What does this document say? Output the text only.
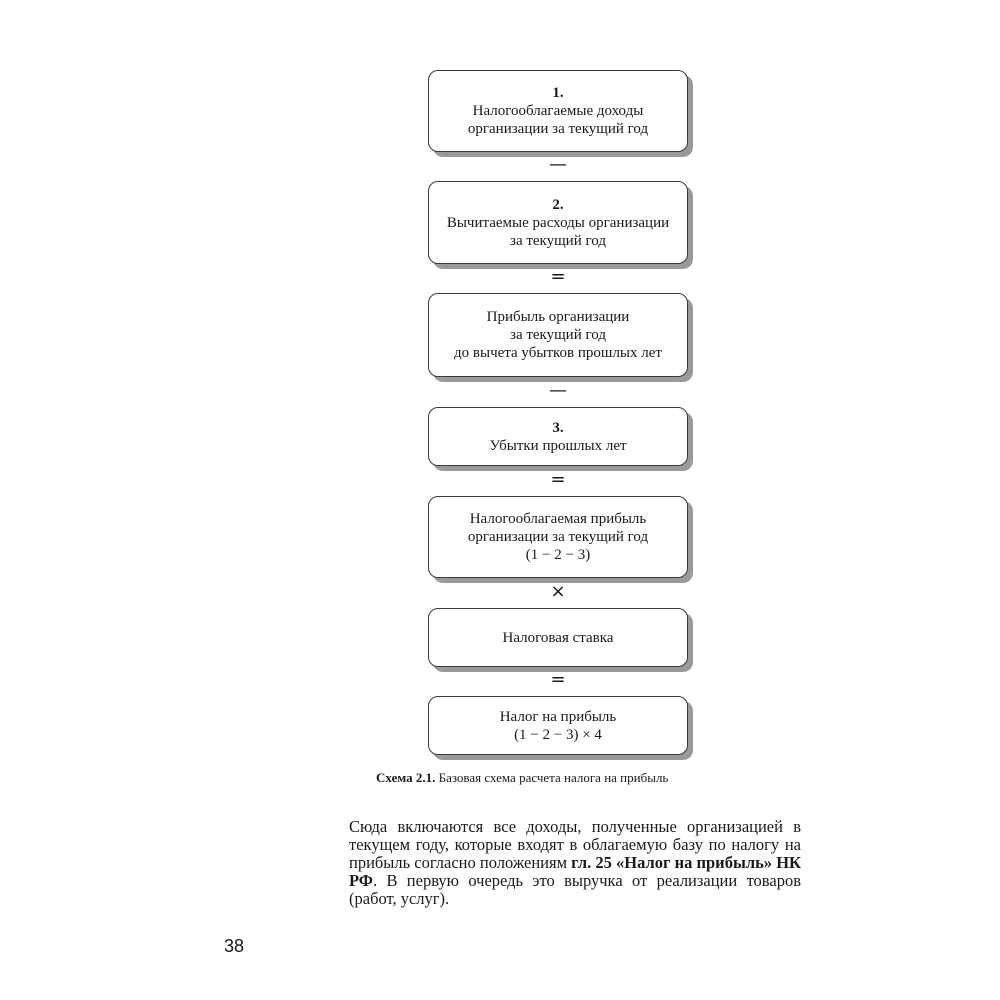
1.
Налогооблагаемые доходы
организации за текущий год
—
2.
Вычитаемые расходы организации
за текущий год
=
Прибыль организации
за текущий год
до вычета убытков прошлых лет
—
3.
Убытки прошлых лет
=
Налогооблагаемая прибыль
организации за текущий год
(1 − 2 − 3)
×
Налоговая ставка
=
Налог на прибыль
(1 − 2 − 3) × 4
Схема 2.1. Базовая схема расчета налога на прибыль
Сюда включаются все доходы, полученные организацией в текущем году, которые входят в облагаемую базу по налогу на прибыль согласно положениям гл. 25 «Налог на прибыль» НК РФ. В первую очередь это выручка от реализации товаров (работ, услуг).
38
